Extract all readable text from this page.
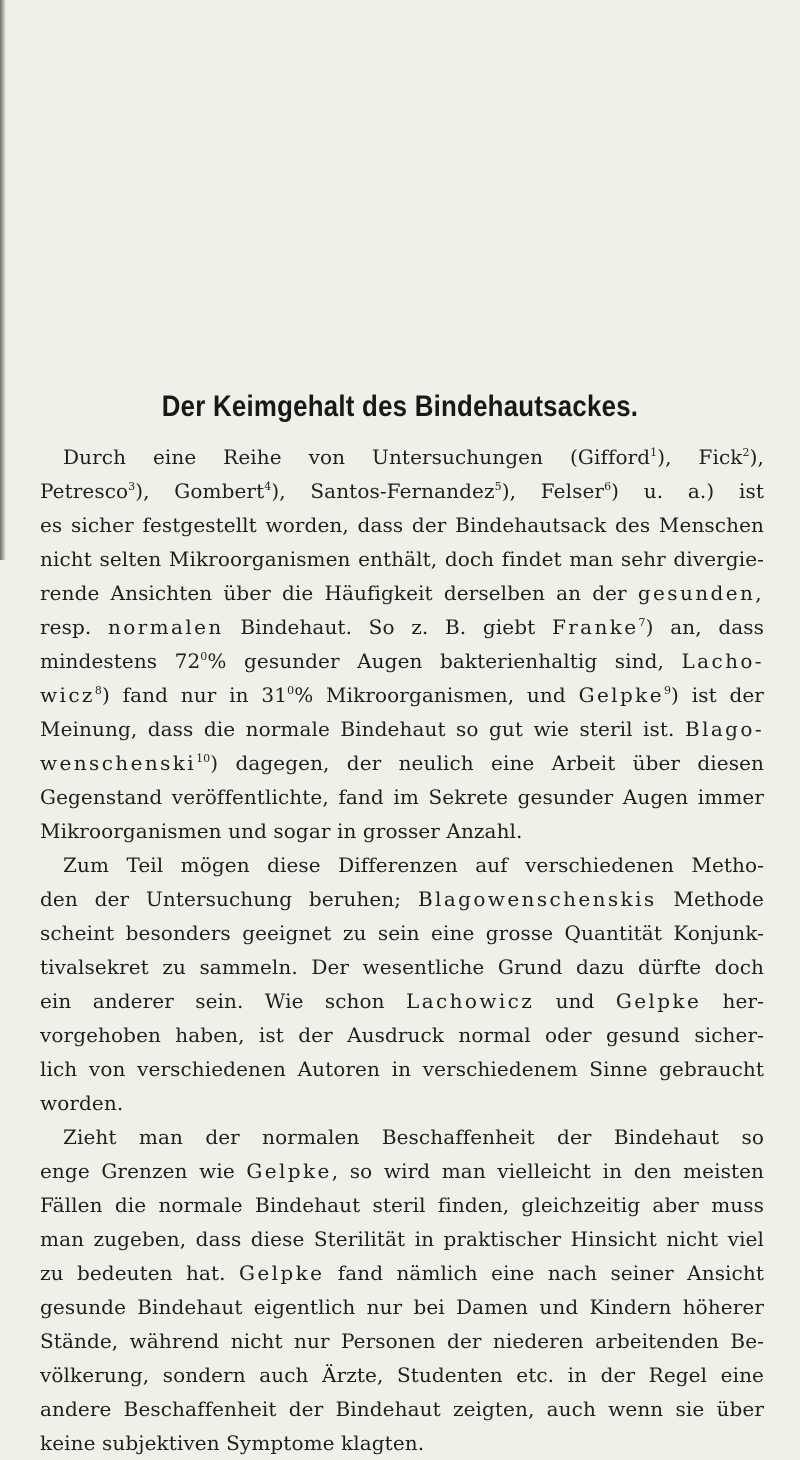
Der Keimgehalt des Bindehautsackes.
Durch eine Reihe von Untersuchungen (Gifford$^1$), Fick$^2$),
Petresco$^3$), Gombert$^4$), Santos-Fernandez$^5$), Felser$^6$) u. a.) ist
es sicher festgestellt worden, dass der Bindehautsack des Menschen
nicht selten Mikroorganismen enthält, doch findet man sehr divergie-
rende Ansichten über die Häufigkeit derselben an der gesunden,
resp. normalen Bindehaut. So z. B. giebt Franke$^7$) an, dass
mindestens $72^0\%$ gesunder Augen bakterienhaltig sind, Lacho-
wicz$^8$) fand nur in $31^0\%$ Mikroorganismen, und Gelpke$^9$) ist der
Meinung, dass die normale Bindehaut so gut wie steril ist. Blago-
wenschenski$^{10}$) dagegen, der neulich eine Arbeit über diesen
Gegenstand veröffentlichte, fand im Sekrete gesunder Augen immer
Mikroorganismen und sogar in grosser Anzahl.
Zum Teil mögen diese Differenzen auf verschiedenen Metho-
den der Untersuchung beruhen; Blagowenschenskis Methode
scheint besonders geeignet zu sein eine grosse Quantität Konjunk-
tivalsekret zu sammeln. Der wesentliche Grund dazu dürfte doch
ein anderer sein. Wie schon Lachowicz und Gelpke her-
vorgehoben haben, ist der Ausdruck normal oder gesund sicher-
lich von verschiedenen Autoren in verschiedenem Sinne gebraucht
worden.
Zieht man der normalen Beschaffenheit der Bindehaut so
enge Grenzen wie Gelpke, so wird man vielleicht in den meisten
Fällen die normale Bindehaut steril finden, gleichzeitig aber muss
man zugeben, dass diese Sterilität in praktischer Hinsicht nicht viel
zu bedeuten hat. Gelpke fand nämlich eine nach seiner Ansicht
gesunde Bindehaut eigentlich nur bei Damen und Kindern höherer
Stände, während nicht nur Personen der niederen arbeitenden Be-
völkerung, sondern auch Ärzte, Studenten etc. in der Regel eine
andere Beschaffenheit der Bindehaut zeigten, auch wenn sie über
keine subjektiven Symptome klagten.
